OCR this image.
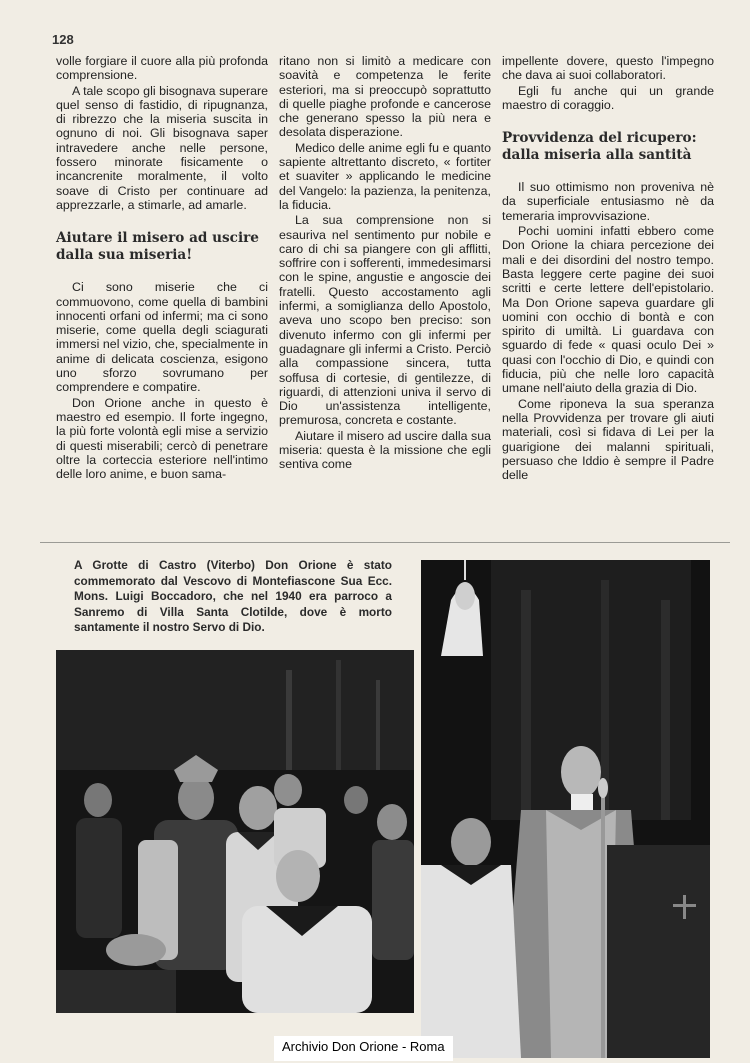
128

volle forgiare il cuore alla più profonda comprensione.

A tale scopo gli bisognava superare quel senso di fastidio, di ripugnanza, di ribrezzo che la miseria suscita in ognuno di noi. Gli bisognava saper intravedere anche nelle persone, fossero minorate fisicamente o incancrenite moralmente, il volto soave di Cristo per continuare ad apprezzarle, a stimarle, ad amarle.

Aiutare il misero ad uscire dalla sua miseria!

Ci sono miserie che ci commuovono, come quella di bambini innocenti orfani od infermi; ma ci sono miserie, come quella degli sciagurati immersi nel vizio, che, specialmente in anime di delicata coscienza, esigono uno sforzo sovrumano per comprendere e compatire.

Don Orione anche in questo è maestro ed esempio. Il forte ingegno, la più forte volontà egli mise a servizio di questi miserabili; cercò di penetrare oltre la corteccia esteriore nell'intimo delle loro anime, e buon sama-

ritano non si limitò a medicare con soavità e competenza le ferite esteriori, ma si preoccupò soprattutto di quelle piaghe profonde e cancerose che generano spesso la più nera e desolata disperazione.

Medico delle anime egli fu e quanto sapiente altrettanto discreto, « fortiter et suaviter » applicando le medicine del Vangelo: la pazienza, la penitenza, la fiducia.

La sua comprensione non si esauriva nel sentimento pur nobile e caro di chi sa piangere con gli afflitti, soffrire con i sofferenti, immedesimarsi con le spine, angustie e angoscie dei fratelli. Questo accostamento agli infermi, a somiglianza dello Apostolo, aveva uno scopo ben preciso: son divenuto infermo con gli infermi per guadagnare gli infermi a Cristo. Perciò alla compassione sincera, tutta soffusa di cortesie, di gentilezze, di riguardi, di attenzioni univa il servo di Dio un'assistenza intelligente, premurosa, concreta e costante.

Aiutare il misero ad uscire dalla sua miseria: questa è la missione che egli sentiva come

impellente dovere, questo l'impegno che dava ai suoi collaboratori.

Egli fu anche qui un grande maestro di coraggio.

Provvidenza del ricupero: dalla miseria alla santità

Il suo ottimismo non proveniva nè da superficiale entusiasmo nè da temeraria improvvisazione.

Pochi uomini infatti ebbero come Don Orione la chiara percezione dei mali e dei disordini del nostro tempo. Basta leggere certe pagine dei suoi scritti e certe lettere dell'epistolario. Ma Don Orione sapeva guardare gli uomini con occhio di bontà e con spirito di umiltà. Li guardava con sguardo di fede « quasi oculo Dei » quasi con l'occhio di Dio, e quindi con fiducia, più che nelle loro capacità umane nell'aiuto della grazia di Dio.

Come riponeva la sua speranza nella Provvidenza per trovare gli aiuti materiali, così si fidava di Lei per la guarigione dei malanni spirituali, persuaso che Iddio è sempre il Padre delle

A Grotte di Castro (Viterbo) Don Orione è stato commemorato dal Vescovo di Montefiascone Sua Ecc. Mons. Luigi Boccadoro, che nel 1940 era parroco a Sanremo di Villa Santa Clotilde, dove è morto santamente il nostro Servo di Dio.
Archivio Don Orione - Roma
